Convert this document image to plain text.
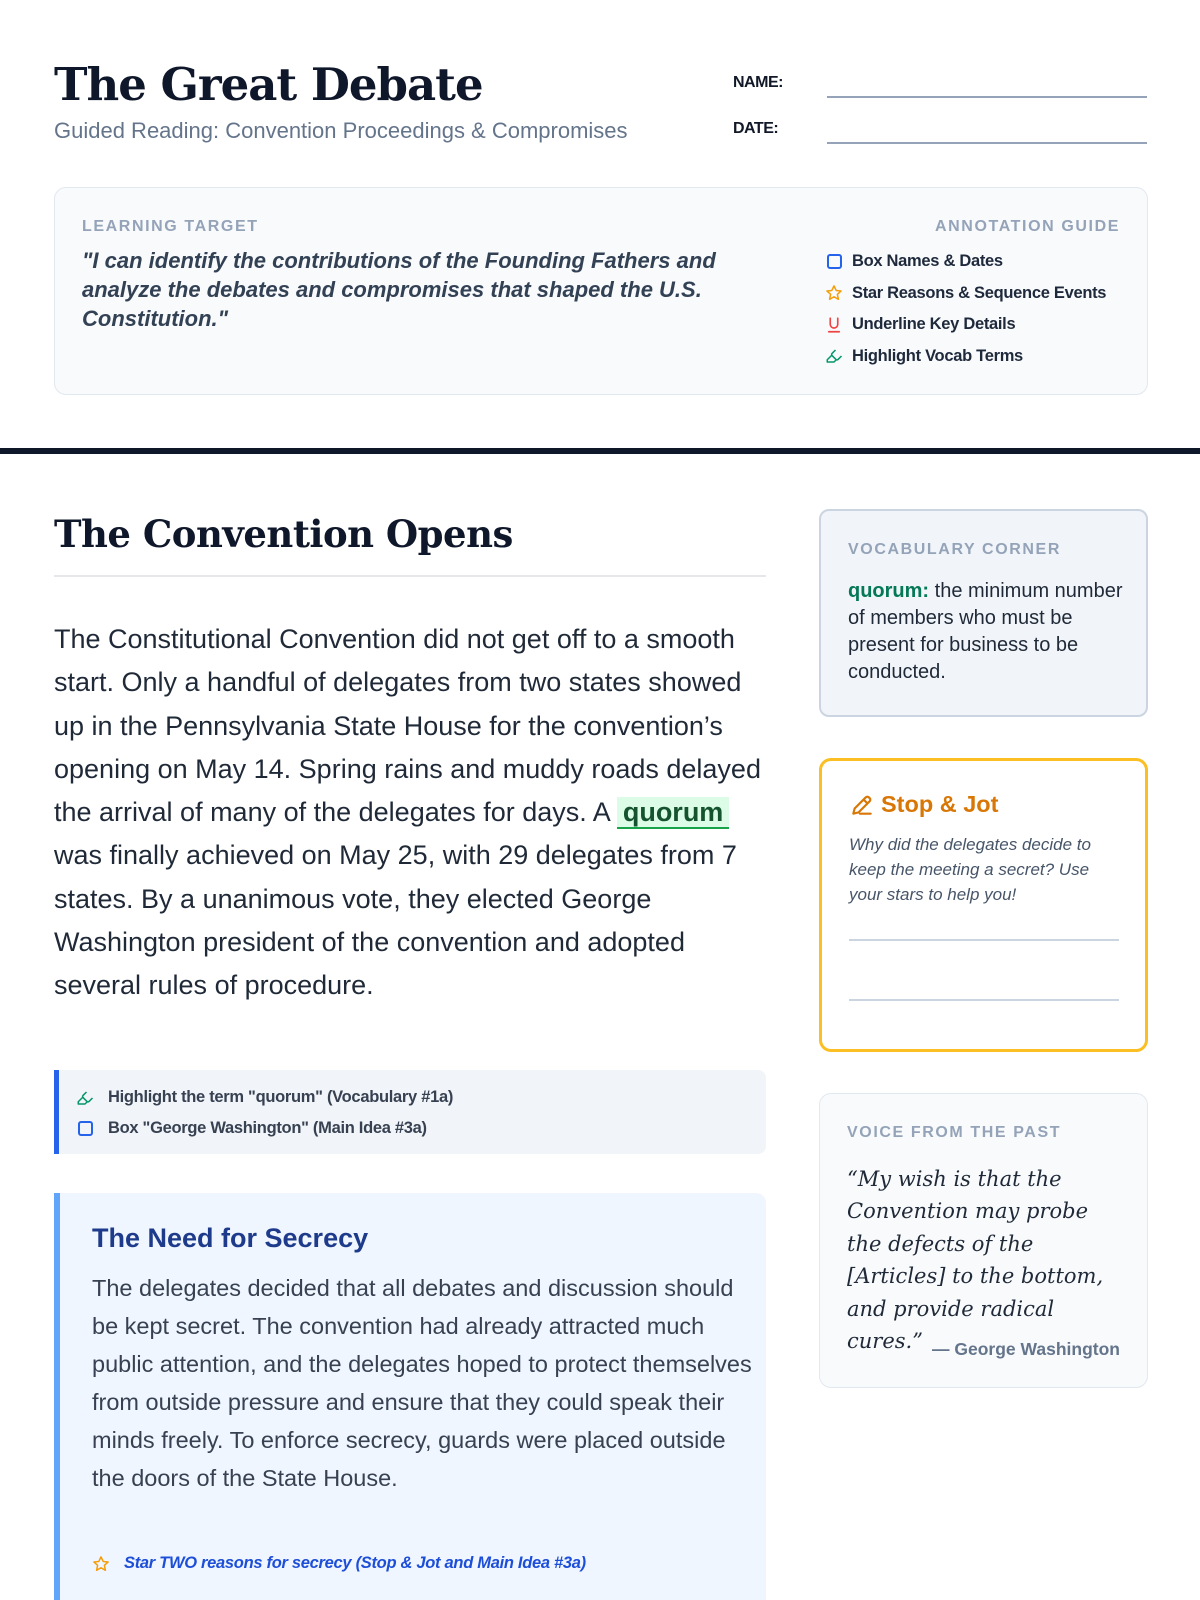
The Great Debate
Guided Reading: Convention Proceedings & Compromises
NAME:
DATE:
LEARNING TARGET
"I can identify the contributions of the Founding Fathers and analyze the debates and compromises that shaped the U.S. Constitution."
ANNOTATION GUIDE
Box Names & Dates
Star Reasons & Sequence Events
Underline Key Details
Highlight Vocab Terms
The Convention Opens
The Constitutional Convention did not get off to a smooth start. Only a handful of delegates from two states showed up in the Pennsylvania State House for the convention’s opening on May 14. Spring rains and muddy roads delayed the arrival of many of the delegates for days. A quorum was finally achieved on May 25, with 29 delegates from 7 states. By a unanimous vote, they elected George Washington president of the convention and adopted several rules of procedure.
Highlight the term "quorum" (Vocabulary #1a)
Box "George Washington" (Main Idea #3a)
The Need for Secrecy
The delegates decided that all debates and discussion should be kept secret. The convention had already attracted much public attention, and the delegates hoped to protect themselves from outside pressure and ensure that they could speak their minds freely. To enforce secrecy, guards were placed outside the doors of the State House.
Star TWO reasons for secrecy (Stop & Jot and Main Idea #3a)
VOCABULARY CORNER
quorum: the minimum number of members who must be present for business to be conducted.
Stop & Jot
Why did the delegates decide to keep the meeting a secret? Use your stars to help you!
VOICE FROM THE PAST
“My wish is that the Convention may probe the defects of the [Articles] to the bottom, and provide radical cures.” — George Washington
